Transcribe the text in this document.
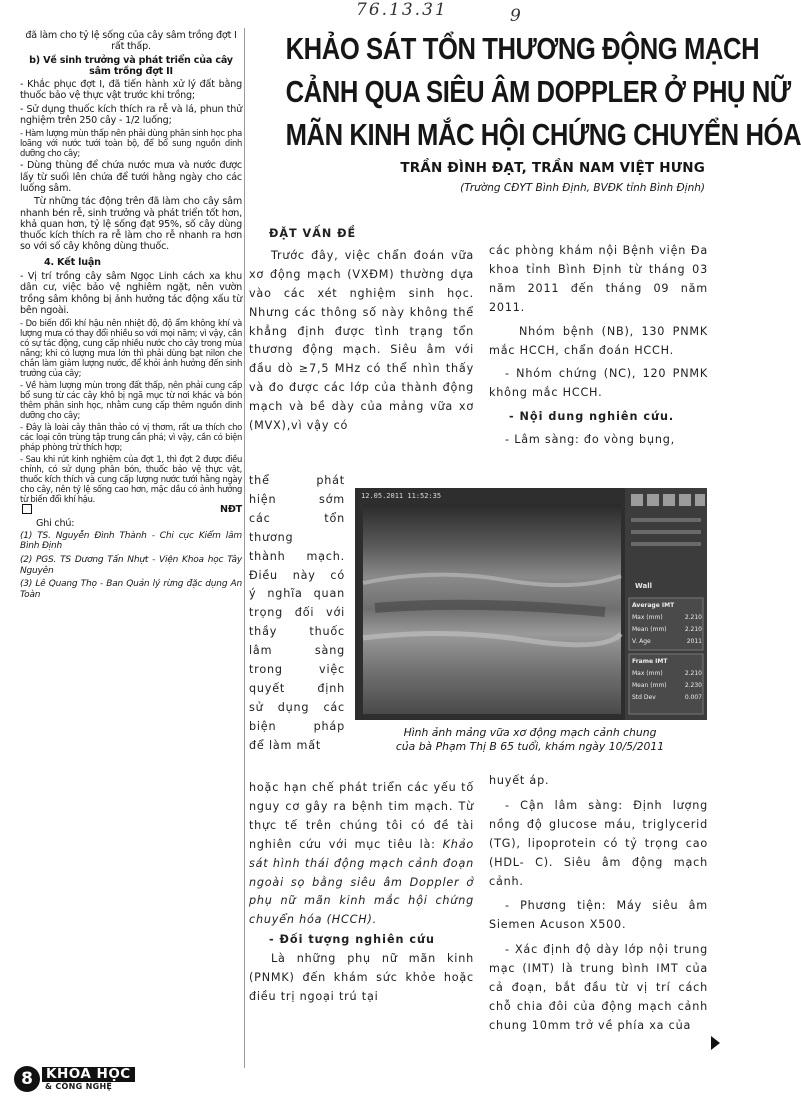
76.13.31	9

đã làm cho tỷ lệ sống của cây sâm trồng đợt I rất thấp.

b) Về sinh trưởng và phát triển của cây sâm trồng đợt II

- Khắc phục đợt I, đã tiến hành xử lý đất bằng thuốc bảo vệ thực vật trước khi trồng;

- Sử dụng thuốc kích thích ra rễ và lá, phun thử nghiệm trên 250 cây - 1/2 luống;

- Hàm lượng mùn thấp nên phải dùng phân sinh học pha loãng với nước tưới toàn bộ, để bổ sung nguồn dinh dưỡng cho cây;

- Dùng thùng để chứa nước mưa và nước được lấy từ suối lên chứa để tưới hằng ngày cho các luống sâm.

Từ những tác động trên đã làm cho cây sâm nhanh bén rễ, sinh trưởng và phát triển tốt hơn, khả quan hơn, tỷ lệ sống đạt 95%, số cây dùng thuốc kích thích ra rễ làm cho rễ nhanh ra hơn so với số cây không dùng thuốc.

4. Kết luận

- Vị trí trồng cây sâm Ngọc Linh cách xa khu dân cư, việc bảo vệ nghiêm ngặt, nên vườn trồng sâm không bị ảnh hưởng tác động xấu từ bên ngoài.

- Do biến đổi khí hậu nên nhiệt độ, độ ẩm không khí và lượng mưa có thay đổi nhiều so với mọi năm; vì vậy, cần có sự tác động, cung cấp nhiều nước cho cây trong mùa nắng; khi có lượng mưa lớn thì phải dùng bạt nilon che chắn làm giảm lượng nước, để khỏi ảnh hưởng đến sinh trưởng của cây;

- Về hàm lượng mùn trong đất thấp, nên phải cung cấp bổ sung từ các cây khô bị ngã mục từ nơi khác và bón thêm phân sinh học, nhằm cung cấp thêm nguồn dinh dưỡng cho cây;

- Đây là loài cây thân thảo có vị thơm, rất ưa thích cho các loại côn trùng tập trung cắn phá; vì vậy, cần có biện pháp phòng trừ thích hợp;

- Sau khi rút kinh nghiệm của đợt 1, thì đợt 2 được điều chỉnh, có sử dụng phân bón, thuốc bảo vệ thực vật, thuốc kích thích và cung cấp lượng nước tưới hằng ngày cho cây, nên tỷ lệ sống cao hơn, mặc dầu có ảnh hưởng từ biến đổi khí hậu.

NĐT

Ghi chú:

(1) TS. Nguyễn Đình Thành - Chi cục Kiểm lâm Bình Định

(2) PGS. TS Dương Tấn Nhựt - Viện Khoa học Tây Nguyên

(3) Lê Quang Thọ - Ban Quản lý rừng đặc dụng An Toàn

KHẢO SÁT TỔN THƯƠNG ĐỘNG MẠCH
CẢNH QUA SIÊU ÂM DOPPLER Ở PHỤ NỮ
MÃN KINH MẮC HỘI CHỨNG CHUYỂN HÓA

TRẦN ĐÌNH ĐẠT, TRẦN NAM VIỆT HƯNG

(Trường CĐYT Bình Định, BVĐK tỉnh Bình Định)

ĐẶT VẤN ĐỀ

Trước đây, việc chẩn đoán vữa xơ động mạch (VXĐM) thường dựa vào các xét nghiệm sinh học. Nhưng các thông số này không thể khẳng định được tình trạng tổn thương động mạch. Siêu âm với đầu dò ≥7,5 MHz có thể nhìn thấy và đo được các lớp của thành động mạch và bề dày của mảng vữa xơ (MVX),vì vậy có

thể phát

hiện sớm

các tổn

thương

thành mạch.

Điều này có

ý nghĩa quan

trọng đối với

thầy thuốc

lâm sàng

trong việc

quyết định

sử dụng các

biện pháp

để làm mất

12.05.2011 11:52:35
Wall
Average IMT
Max (mm)	2.210
Mean (mm)	2.210
V. Age	2011
Frame IMT
Max (mm)	2.210
Mean (mm)	2.230
Std Dev	0.007
Hình ảnh mảng vữa xơ động mạch cảnh chung
của bà Phạm Thị B 65 tuổi, khám ngày 10/5/2011

hoặc hạn chế phát triển các yếu tố nguy cơ gây ra bệnh tim mạch. Từ thực tế trên chúng tôi có đề tài nghiên cứu với mục tiêu là: Khảo sát hình thái động mạch cảnh đoạn ngoài sọ bằng siêu âm Doppler ở phụ nữ mãn kinh mắc hội chứng chuyển hóa (HCCH).

- Đối tượng nghiên cứu

Là những phụ nữ mãn kinh (PNMK) đến khám sức khỏe hoặc điều trị ngoại trú tại

các phòng khám nội Bệnh viện Đa khoa tỉnh Bình Định từ tháng 03 năm 2011 đến tháng 09 năm 2011.

Nhóm bệnh (NB), 130 PNMK mắc HCCH, chẩn đoán HCCH.

- Nhóm chứng (NC), 120 PNMK không mắc HCCH.

- Nội dung nghiên cứu.

- Lâm sàng: đo vòng bụng,

huyết áp.

- Cận lâm sàng: Định lượng nồng độ glucose máu, triglycerid (TG), lipoprotein có tỷ trọng cao (HDL- C). Siêu âm động mạch cảnh.

- Phương tiện: Máy siêu âm Siemen Acuson X500.

- Xác định độ dày lớp nội trung mạc (IMT) là trung bình IMT của cả đoạn, bắt đầu từ vị trí cách chỗ chia đôi của động mạch cảnh chung 10mm trở về phía xa của

8 KHOA HỌC
& CÔNG NGHỆ
